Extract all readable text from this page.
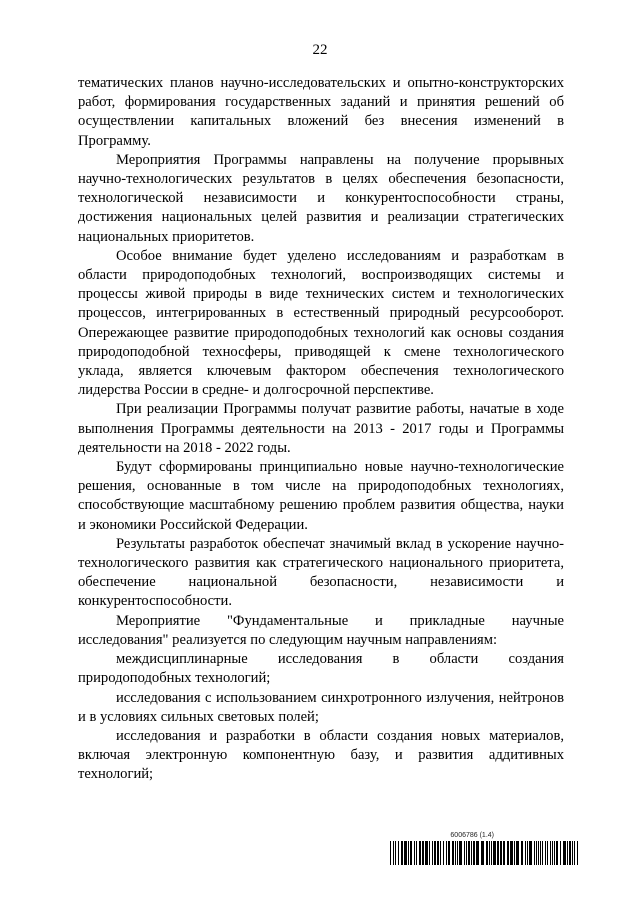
22

тематических планов научно-исследовательских и опытно-конструкторских работ, формирования государственных заданий и принятия решений об осуществлении капитальных вложений без внесения изменений в Программу.

Мероприятия Программы направлены на получение прорывных научно-технологических результатов в целях обеспечения безопасности, технологической независимости и конкурентоспособности страны, достижения национальных целей развития и реализации стратегических национальных приоритетов.

Особое внимание будет уделено исследованиям и разработкам в области природоподобных технологий, воспроизводящих системы и процессы живой природы в виде технических систем и технологических процессов, интегрированных в естественный природный ресурсооборот. Опережающее развитие природоподобных технологий как основы создания природоподобной техносферы, приводящей к смене технологического уклада, является ключевым фактором обеспечения технологического лидерства России в средне- и долгосрочной перспективе.

При реализации Программы получат развитие работы, начатые в ходе выполнения Программы деятельности на 2013 - 2017 годы и Программы деятельности на 2018 - 2022 годы.

Будут сформированы принципиально новые научно-технологические решения, основанные в том числе на природоподобных технологиях, способствующие масштабному решению проблем развития общества, науки и экономики Российской Федерации.

Результаты разработок обеспечат значимый вклад в ускорение научно-технологического развития как стратегического национального приоритета, обеспечение национальной безопасности, независимости и конкурентоспособности.

Мероприятие "Фундаментальные и прикладные научные исследования" реализуется по следующим научным направлениям:

междисциплинарные исследования в области создания природоподобных технологий;

исследования с использованием синхротронного излучения, нейтронов и в условиях сильных световых полей;

исследования и разработки в области создания новых материалов, включая электронную компонентную базу, и развития аддитивных технологий;

6006786 (1.4)
